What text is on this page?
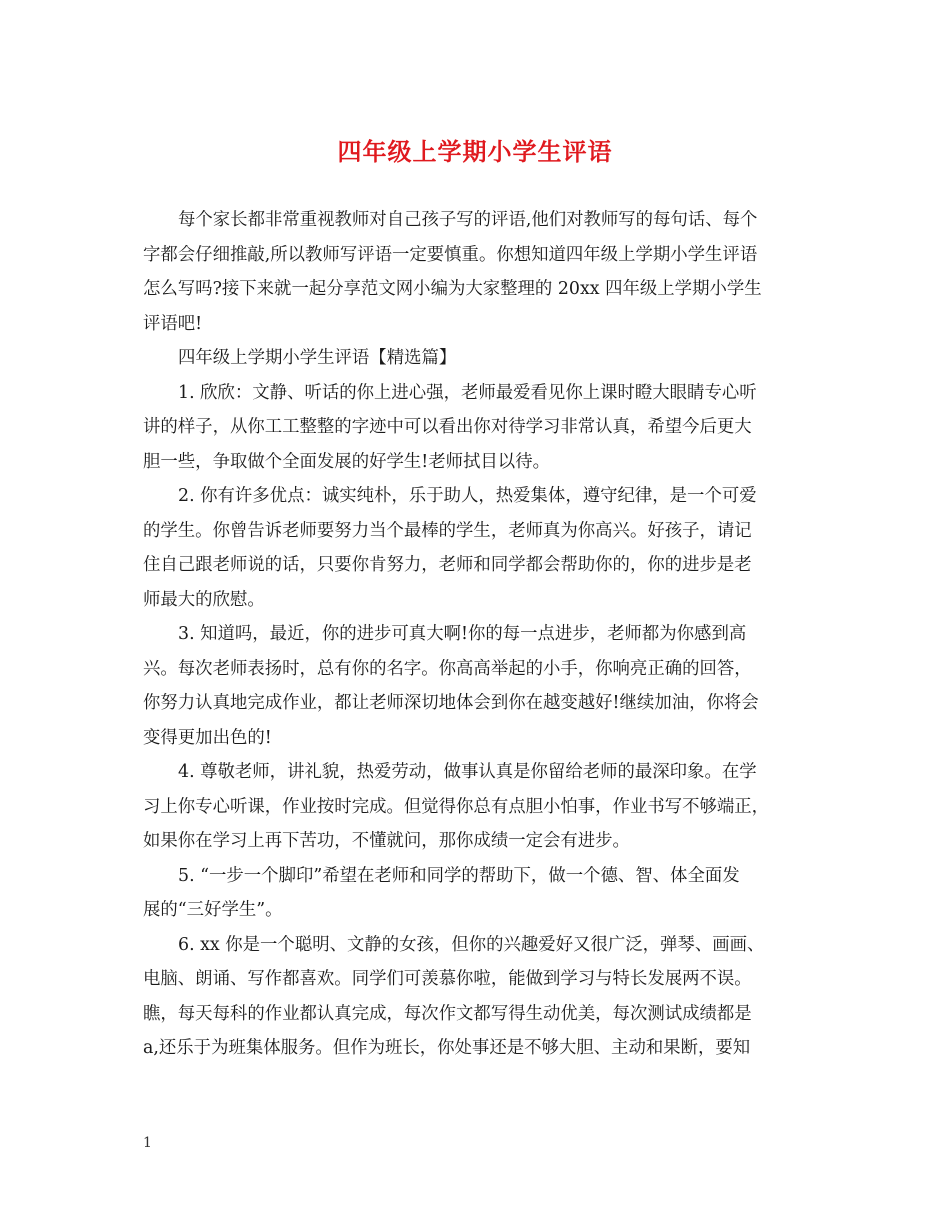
四年级上学期小学生评语

每个家长都非常重视教师对自己孩子写的评语,他们对教师写的每句话、每个
字都会仔细推敲,所以教师写评语一定要慎重。你想知道四年级上学期小学生评语
怎么写吗?接下来就一起分享范文网小编为大家整理的 20xx 四年级上学期小学生
评语吧!

四年级上学期小学生评语【精选篇】

1. 欣欣：文静、听话的你上进心强，老师最爱看见你上课时瞪大眼睛专心听
讲的样子，从你工工整整的字迹中可以看出你对待学习非常认真，希望今后更大
胆一些，争取做个全面发展的好学生!老师拭目以待。

2. 你有许多优点：诚实纯朴，乐于助人，热爱集体，遵守纪律，是一个可爱
的学生。你曾告诉老师要努力当个最棒的学生，老师真为你高兴。好孩子，请记
住自己跟老师说的话，只要你肯努力，老师和同学都会帮助你的，你的进步是老
师最大的欣慰。

3. 知道吗，最近，你的进步可真大啊!你的每一点进步，老师都为你感到高
兴。每次老师表扬时，总有你的名字。你高高举起的小手，你响亮正确的回答，
你努力认真地完成作业，都让老师深切地体会到你在越变越好!继续加油，你将会
变得更加出色的!

4. 尊敬老师，讲礼貌，热爱劳动，做事认真是你留给老师的最深印象。在学
习上你专心听课，作业按时完成。但觉得你总有点胆小怕事，作业书写不够端正，
如果你在学习上再下苦功，不懂就问，那你成绩一定会有进步。

5. “一步一个脚印”希望在老师和同学的帮助下，做一个德、智、体全面发
展的“三好学生”。

6. xx 你是一个聪明、文静的女孩，但你的兴趣爱好又很广泛，弹琴、画画、
电脑、朗诵、写作都喜欢。同学们可羡慕你啦，能做到学习与特长发展两不误。
瞧，每天每科的作业都认真完成，每次作文都写得生动优美，每次测试成绩都是
a,还乐于为班集体服务。但作为班长，你处事还是不够大胆、主动和果断，要知

1
